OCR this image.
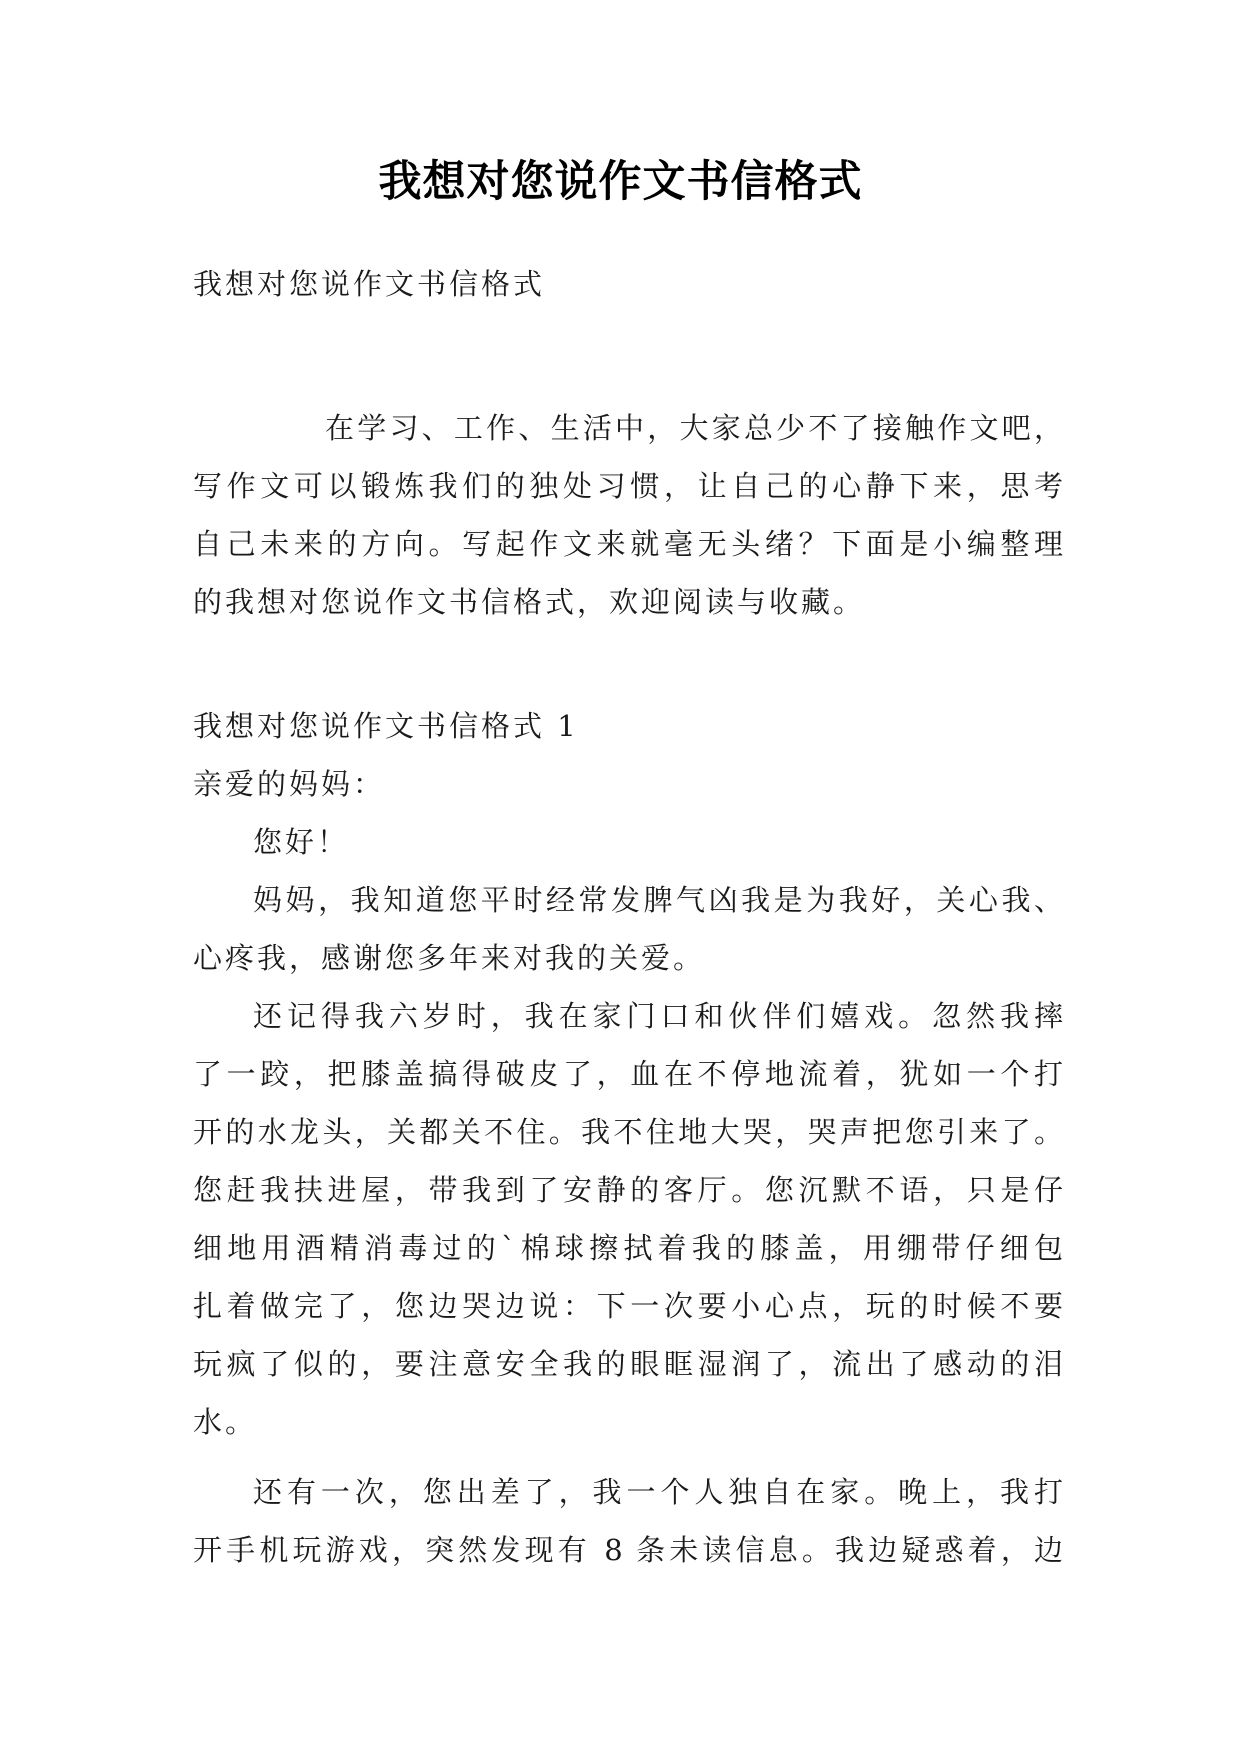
我想对您说作文书信格式
我想对您说作文书信格式
在学习、工作、生活中，大家总少不了接触作文吧，
写作文可以锻炼我们的独处习惯，让自己的心静下来，思考
自己未来的方向。写起作文来就毫无头绪？下面是小编整理
的我想对您说作文书信格式，欢迎阅读与收藏。
我想对您说作文书信格式 1
亲爱的妈妈：
您好！
妈妈，我知道您平时经常发脾气凶我是为我好，关心我、
心疼我，感谢您多年来对我的关爱。
还记得我六岁时，我在家门口和伙伴们嬉戏。忽然我摔
了一跤，把膝盖搞得破皮了，血在不停地流着，犹如一个打
开的水龙头，关都关不住。我不住地大哭，哭声把您引来了。
您赶我扶进屋，带我到了安静的客厅。您沉默不语，只是仔
细地用酒精消毒过的`棉球擦拭着我的膝盖，用绷带仔细包
扎着做完了，您边哭边说：下一次要小心点，玩的时候不要
玩疯了似的，要注意安全我的眼眶湿润了，流出了感动的泪
水。
还有一次，您出差了，我一个人独自在家。晚上，我打
开手机玩游戏，突然发现有 8 条未读信息。我边疑惑着，边
